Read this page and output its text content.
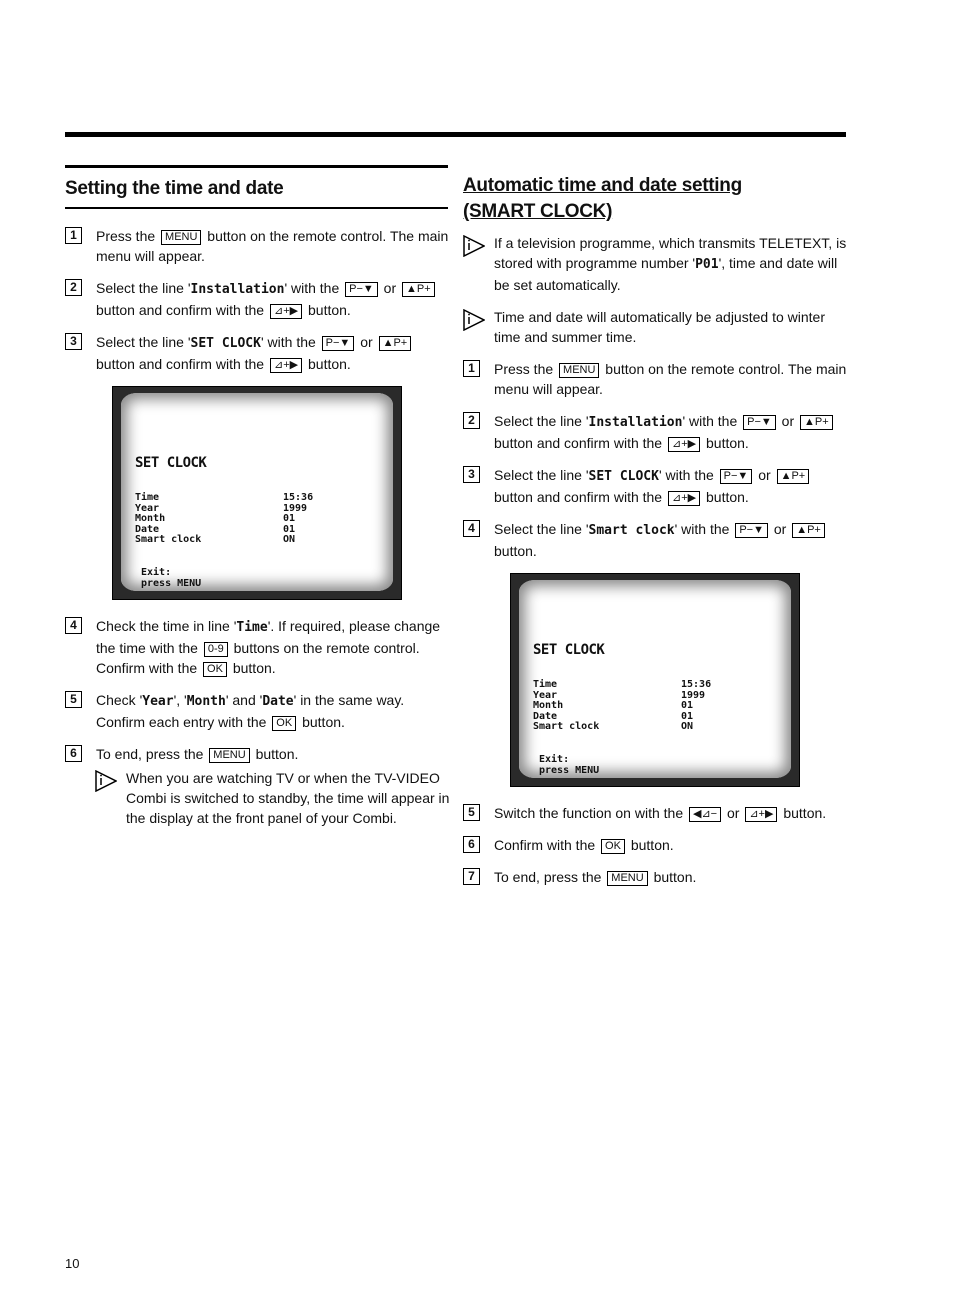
Setting the time and date
1	Press the MENU button on the remote control. The main menu will appear.
2	Select the line 'Installation' with the P−▼ or ▲P+ button and confirm with the ⊿+▶ button.
3	Select the line 'SET CLOCK' with the P−▼ or ▲P+ button and confirm with the ⊿+▶ button.
SET CLOCK
Time	15:36
Year	1999
Month	01
Date	01
Smart clock	ON
Exit:
press MENU
4	Check the time in line 'Time'. If required, please change the time with the 0-9 buttons on the remote control. Confirm with the OK button.
5	Check 'Year', 'Month' and 'Date' in the same way. Confirm each entry with the OK button.
6	To end, press the MENU button.
When you are watching TV or when the TV-VIDEO Combi is switched to standby, the time will appear in the display at the front panel of your Combi.
Automatic time and date setting
(SMART CLOCK)
If a television programme, which transmits TELETEXT, is stored with programme number 'P01', time and date will be set automatically.
Time and date will automatically be adjusted to winter time and summer time.
1	Press the MENU button on the remote control. The main menu will appear.
2	Select the line 'Installation' with the P−▼ or ▲P+ button and confirm with the ⊿+▶ button.
3	Select the line 'SET CLOCK' with the P−▼ or ▲P+ button and confirm with the ⊿+▶ button.
4	Select the line 'Smart clock' with the P−▼ or ▲P+ button.
SET CLOCK
Time	15:36
Year	1999
Month	01
Date	01
Smart clock	ON
Exit:
press MENU
5	Switch the function on with the ◀⊿− or ⊿+▶ button.
6	Confirm with the OK button.
7	To end, press the MENU button.
10
